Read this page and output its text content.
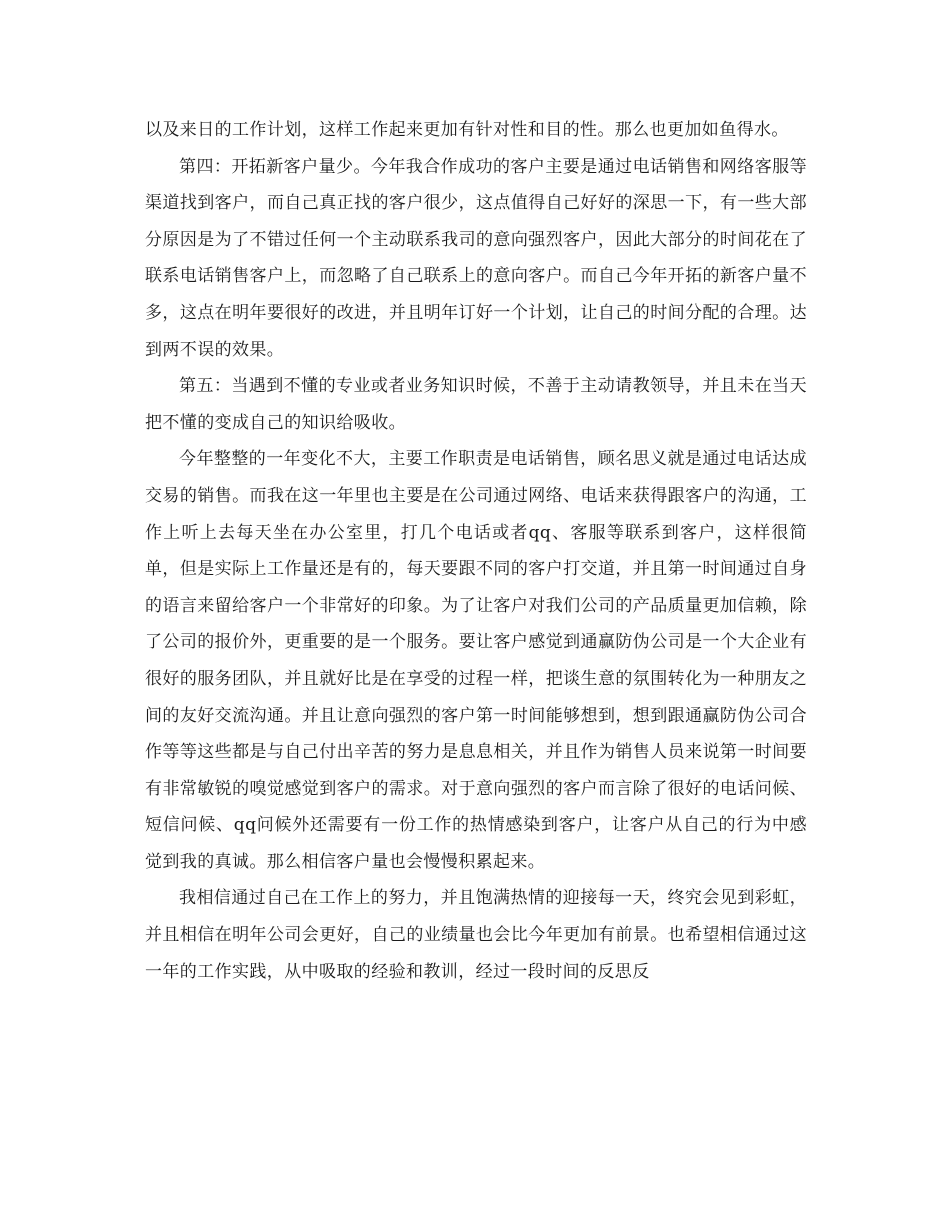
以及来日的工作计划，这样工作起来更加有针对性和目的性。那么也更加如鱼得水。

第四：开拓新客户量少。今年我合作成功的客户主要是通过电话销售和网络客服等渠道找到客户，而自己真正找的客户很少，这点值得自己好好的深思一下，有一些大部分原因是为了不错过任何一个主动联系我司的意向强烈客户，因此大部分的时间花在了联系电话销售客户上，而忽略了自己联系上的意向客户。而自己今年开拓的新客户量不多，这点在明年要很好的改进，并且明年订好一个计划，让自己的时间分配的合理。达到两不误的效果。

第五：当遇到不懂的专业或者业务知识时候，不善于主动请教领导，并且未在当天把不懂的变成自己的知识给吸收。

今年整整的一年变化不大，主要工作职责是电话销售，顾名思义就是通过电话达成交易的销售。而我在这一年里也主要是在公司通过网络、电话来获得跟客户的沟通，工作上听上去每天坐在办公室里，打几个电话或者qq、客服等联系到客户，这样很简单，但是实际上工作量还是有的，每天要跟不同的客户打交道，并且第一时间通过自身的语言来留给客户一个非常好的印象。为了让客户对我们公司的产品质量更加信赖，除了公司的报价外，更重要的是一个服务。要让客户感觉到通赢防伪公司是一个大企业有很好的服务团队，并且就好比是在享受的过程一样，把谈生意的氛围转化为一种朋友之间的友好交流沟通。并且让意向强烈的客户第一时间能够想到，想到跟通赢防伪公司合作等等这些都是与自己付出辛苦的努力是息息相关，并且作为销售人员来说第一时间要有非常敏锐的嗅觉感觉到客户的需求。对于意向强烈的客户而言除了很好的电话问候、短信问候、qq问候外还需要有一份工作的热情感染到客户，让客户从自己的行为中感觉到我的真诚。那么相信客户量也会慢慢积累起来。

我相信通过自己在工作上的努力，并且饱满热情的迎接每一天，终究会见到彩虹，并且相信在明年公司会更好，自己的业绩量也会比今年更加有前景。也希望相信通过这一年的工作实践，从中吸取的经验和教训，经过一段时间的反思反
